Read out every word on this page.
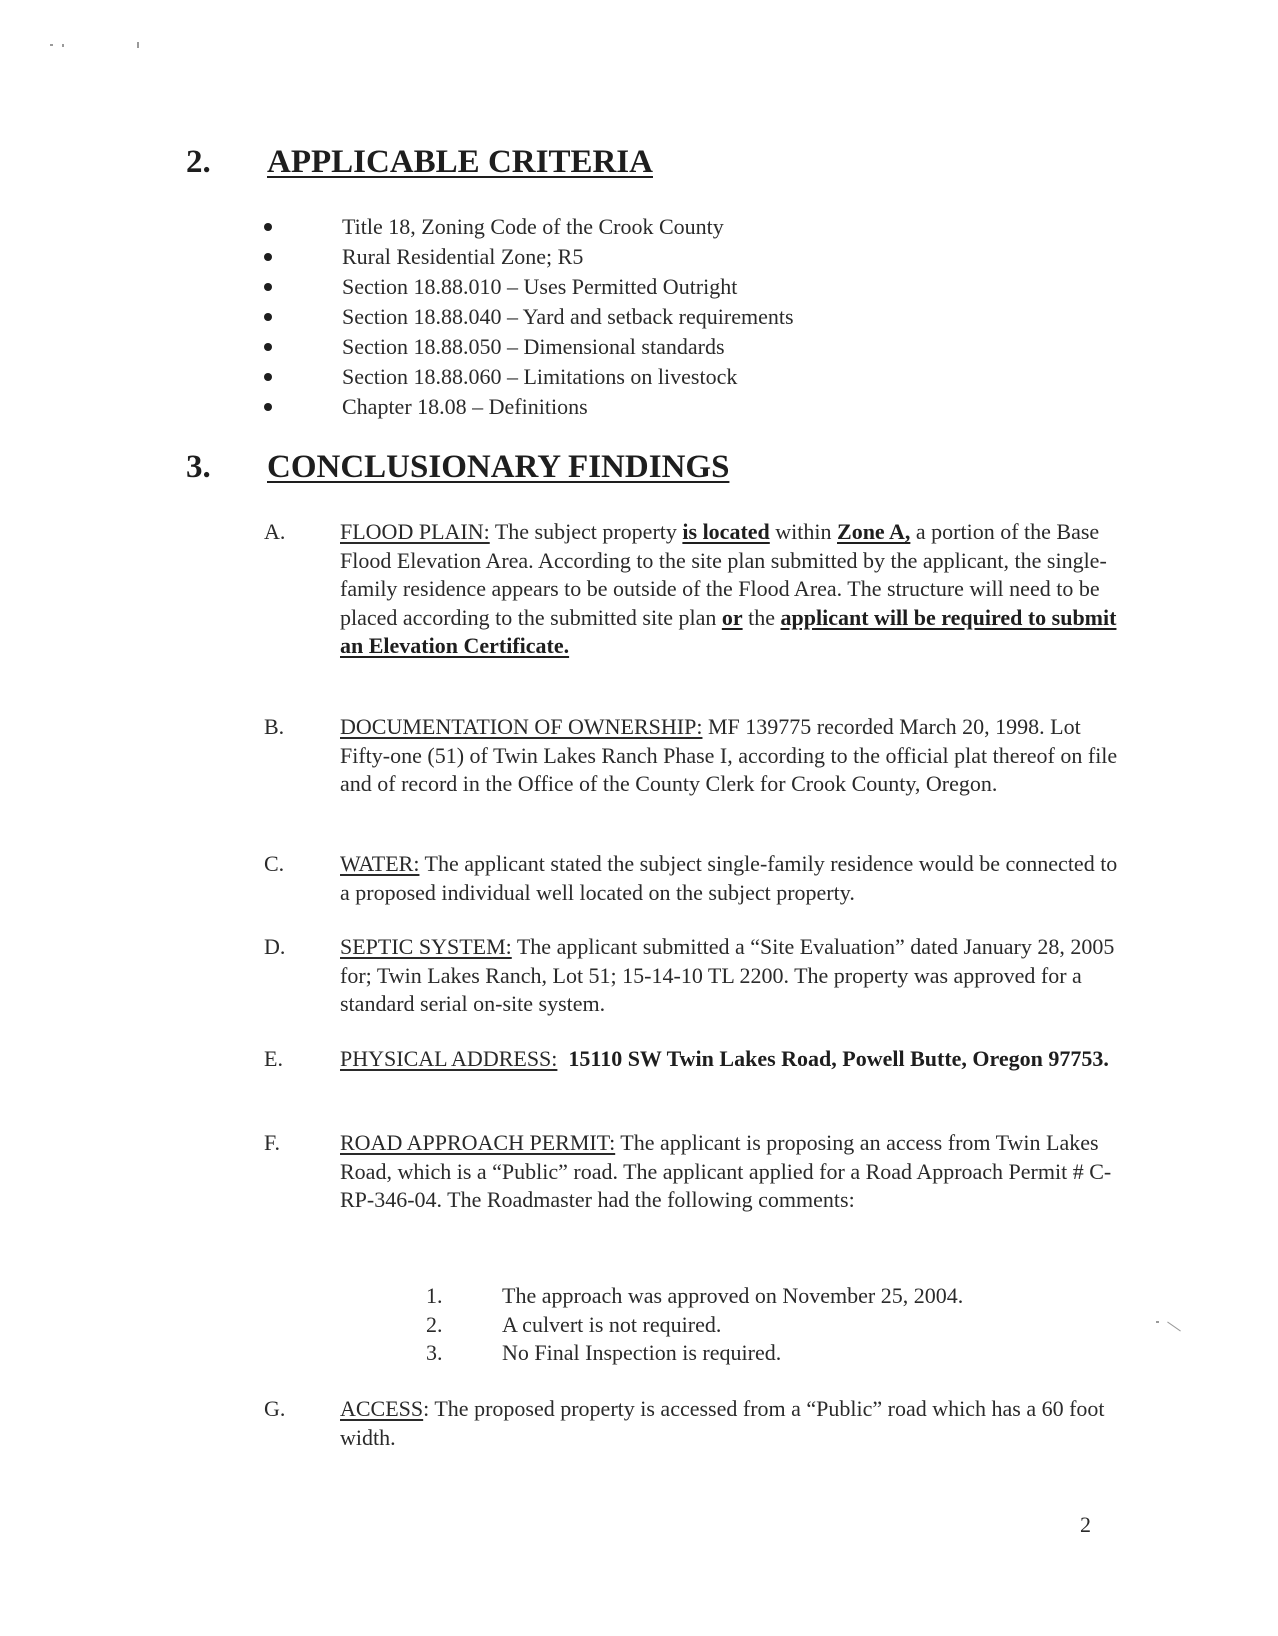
2. APPLICABLE CRITERIA
Title 18, Zoning Code of the Crook County
Rural Residential Zone; R5
Section 18.88.010 – Uses Permitted Outright
Section 18.88.040 – Yard and setback requirements
Section 18.88.050 – Dimensional standards
Section 18.88.060 – Limitations on livestock
Chapter 18.08 – Definitions
3. CONCLUSIONARY FINDINGS
A. FLOOD PLAIN: The subject property is located within Zone A, a portion of the Base Flood Elevation Area. According to the site plan submitted by the applicant, the single-family residence appears to be outside of the Flood Area. The structure will need to be placed according to the submitted site plan or the applicant will be required to submit an Elevation Certificate.
B.	DOCUMENTATION OF OWNERSHIP: MF 139775 recorded March 20, 1998. Lot Fifty-one (51) of Twin Lakes Ranch Phase I, according to the official plat thereof on file and of record in the Office of the County Clerk for Crook County, Oregon.
C.	WATER: The applicant stated the subject single-family residence would be connected to a proposed individual well located on the subject property.
D. SEPTIC SYSTEM: The applicant submitted a “Site Evaluation” dated January 28, 2005 for; Twin Lakes Ranch, Lot 51; 15-14-10 TL 2200. The property was approved for a standard serial on-site system.
E.	PHYSICAL ADDRESS: 15110 SW Twin Lakes Road, Powell Butte, Oregon 97753.
F.	ROAD APPROACH PERMIT: The applicant is proposing an access from Twin Lakes Road, which is a “Public” road. The applicant applied for a Road Approach Permit # C-RP-346-04. The Roadmaster had the following comments:
1.	The approach was approved on November 25, 2004.
2.	A culvert is not required.
3.	No Final Inspection is required.
G. ACCESS: The proposed property is accessed from a “Public” road which has a 60 foot width.
2
